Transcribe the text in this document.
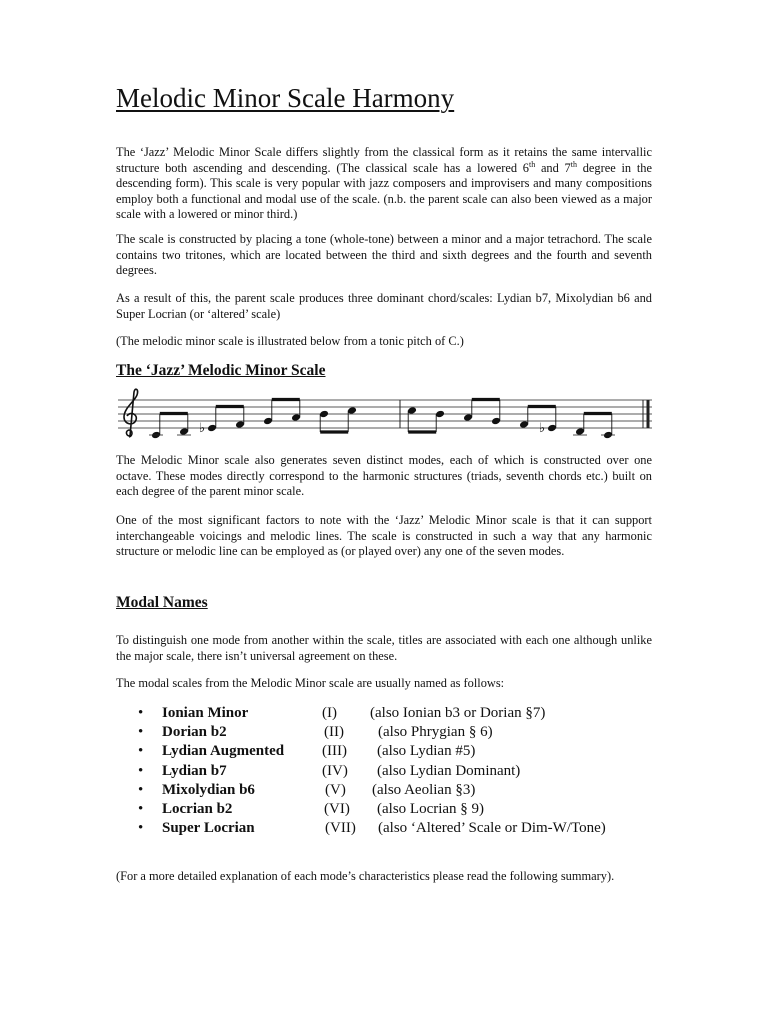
Melodic Minor Scale Harmony

The ‘Jazz’ Melodic Minor Scale differs slightly from the classical form as it retains the same intervallic structure both ascending and descending. (The classical scale has a lowered 6th and 7th degree in the descending form). This scale is very popular with jazz composers and improvisers and many compositions employ both a functional and modal use of the scale. (n.b. the parent scale can also been viewed as a major scale with a lowered or minor third.)

The scale is constructed by placing a tone (whole-tone) between a minor and a major tetrachord. The scale contains two tritones, which are located between the third and sixth degrees and the fourth and seventh degrees.

As a result of this, the parent scale produces three dominant chord/scales: Lydian b7, Mixolydian b6 and Super Locrian (or ‘altered’ scale)

(The melodic minor scale is illustrated below from a tonic pitch of C.)

The ‘Jazz’ Melodic Minor Scale
♭	♭

The Melodic Minor scale also generates seven distinct modes, each of which is constructed over one octave. These modes directly correspond to the harmonic structures (triads, seventh chords etc.) built on each degree of the parent minor scale.

One of the most significant factors to note with the ‘Jazz’ Melodic Minor scale is that it can support interchangeable voicings and melodic lines. The scale is constructed in such a way that any harmonic structure or melodic line can be employed as (or played over) any one of the seven modes.

Modal Names

To distinguish one mode from another within the scale, titles are associated with each one although unlike the major scale, there isn’t universal agreement on these.

The modal scales from the Melodic Minor scale are usually named as follows:

• Ionian Minor	(I) (also Ionian b3 or Dorian §7)
• Dorian b2	(II) (also Phrygian § 6)
• Lydian Augmented	(III) (also Lydian #5)
• Lydian b7	(IV) (also Lydian Dominant)
• Mixolydian b6	(V) (also Aeolian §3)
• Locrian b2	(VI) (also Locrian § 9)
• Super Locrian	(VII) (also ‘Altered’ Scale or Dim-W/Tone)

(For a more detailed explanation of each mode’s characteristics please read the following summary).
